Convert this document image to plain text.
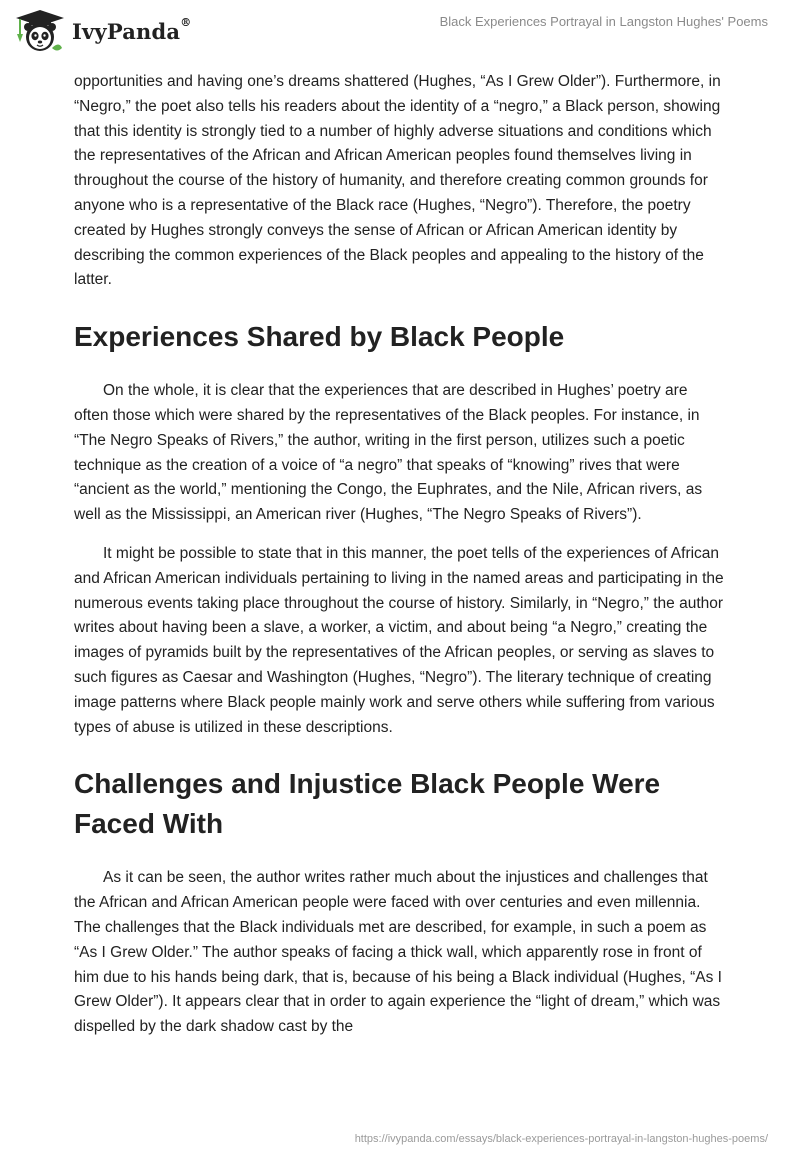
IvyPanda®	Black Experiences Portrayal in Langston Hughes' Poems

opportunities and having one’s dreams shattered (Hughes, “As I Grew Older”). Furthermore, in “Negro,” the poet also tells his readers about the identity of a “negro,” a Black person, showing that this identity is strongly tied to a number of highly adverse situations and conditions which the representatives of the African and African American peoples found themselves living in throughout the course of the history of humanity, and therefore creating common grounds for anyone who is a representative of the Black race (Hughes, “Negro”). Therefore, the poetry created by Hughes strongly conveys the sense of African or African American identity by describing the common experiences of the Black peoples and appealing to the history of the latter.

Experiences Shared by Black People

On the whole, it is clear that the experiences that are described in Hughes’ poetry are often those which were shared by the representatives of the Black peoples. For instance, in “The Negro Speaks of Rivers,” the author, writing in the first person, utilizes such a poetic technique as the creation of a voice of “a negro” that speaks of “knowing” rives that were “ancient as the world,” mentioning the Congo, the Euphrates, and the Nile, African rivers, as well as the Mississippi, an American river (Hughes, “The Negro Speaks of Rivers”).

It might be possible to state that in this manner, the poet tells of the experiences of African and African American individuals pertaining to living in the named areas and participating in the numerous events taking place throughout the course of history. Similarly, in “Negro,” the author writes about having been a slave, a worker, a victim, and about being “a Negro,” creating the images of pyramids built by the representatives of the African peoples, or serving as slaves to such figures as Caesar and Washington (Hughes, “Negro”). The literary technique of creating image patterns where Black people mainly work and serve others while suffering from various types of abuse is utilized in these descriptions.

Challenges and Injustice Black People Were Faced With

As it can be seen, the author writes rather much about the injustices and challenges that the African and African American people were faced with over centuries and even millennia. The challenges that the Black individuals met are described, for example, in such a poem as “As I Grew Older.” The author speaks of facing a thick wall, which apparently rose in front of him due to his hands being dark, that is, because of his being a Black individual (Hughes, “As I Grew Older”). It appears clear that in order to again experience the “light of dream,” which was dispelled by the dark shadow cast by the

https://ivypanda.com/essays/black-experiences-portrayal-in-langston-hughes-poems/
